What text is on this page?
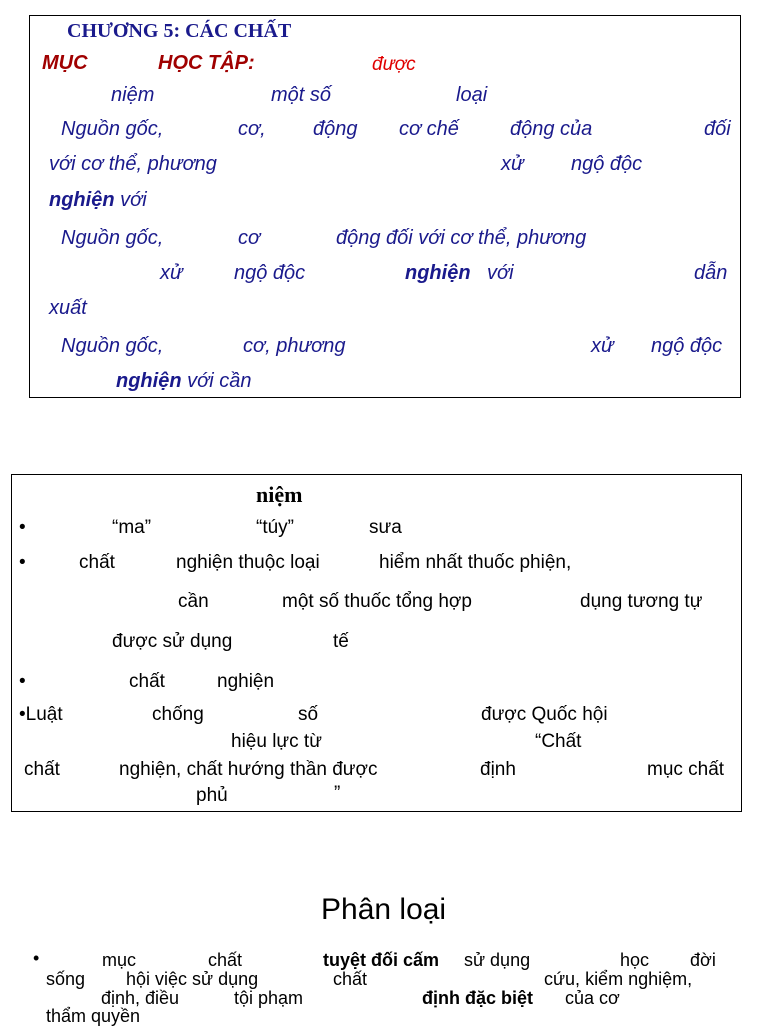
CHƯƠNG 5: CÁC CHẤT
MỤC	HỌC TẬP:	được
niệm	một số	loại
Nguồn gốc,	cơ, động cơ chế	động của	đối
với cơ thể, phương	xử ngộ độc
nghiện với
Nguồn gốc,	cơ	động đối với cơ thể, phương
xử	ngộ độc	nghiện với	dẫn
xuất
Nguồn gốc,	cơ, phương	xử ngộ độc
nghiện với cần
niệm
•	“ma”	“túy”	sưa
•	chất	nghiện thuộc loại	hiểm nhất thuốc phiện,
cần	một số thuốc tổng hợp	dụng tương tự
được sử dụng	tế
•	chất	nghiện
•Luật	chống	số	được Quốc hội
hiệu lực từ	“Chất
chất	nghiện, chất hướng thần được	định	mục chất
phủ	”
Phân loại
•	mục	chất	tuyệt đối cấm sử dụng	học đời
sống hội việc sử dụng	chất	cứu, kiểm nghiệm,
định, điều	tội phạm	định đặc biệt của cơ
thẩm quyền
